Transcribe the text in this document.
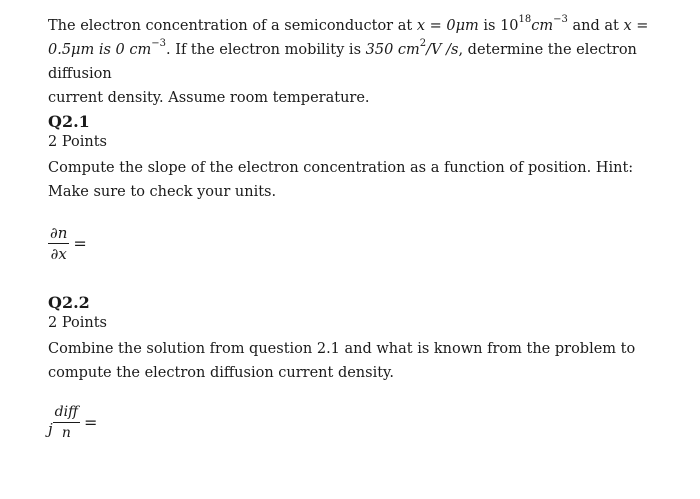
The electron concentration of a semiconductor at x = 0μm is $10^{18}cm^{-3}$ and at x =
0.5μm is 0 $cm^{-3}$. If the electron mobility is 350 $cm^2/V$ /s, determine the electron diffusion
current density. Assume room temperature.

Q2.1

2 Points

Compute the slope of the electron concentration as a function of position. Hint: Make sure to check your units.

$\frac{\partial n}{\partial x}$ =

Q2.2

2 Points

Combine the solution from question 2.1 and what is known from the problem to compute the electron diffusion current density.

j $\frac{\text{diff}}{n}$ =
